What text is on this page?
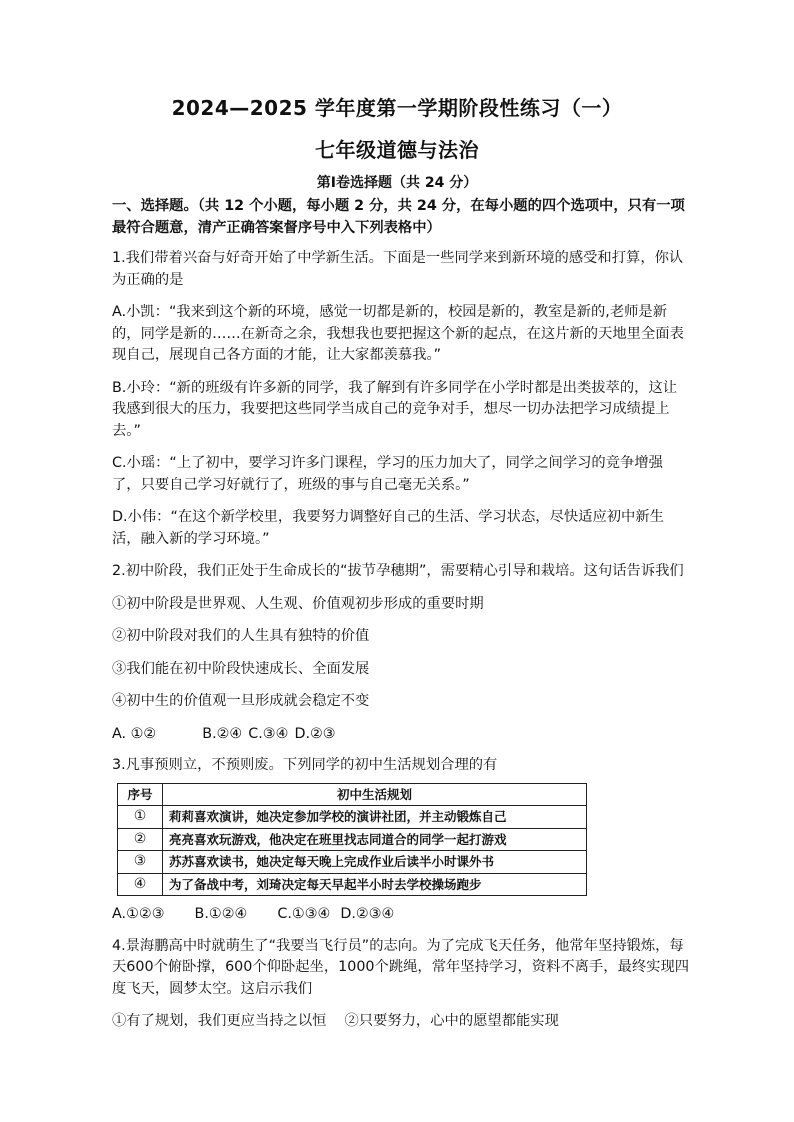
2024—2025 学年度第一学期阶段性练习（一）
七年级道德与法治
第Ⅰ卷选择题（共 24 分）

一、选择题。（共 12 个小题，每小题 2 分，共 24 分，在每小题的四个选项中，只有一项最符合题意，清产正确答案督序号中入下列表格中）

1.我们带着兴奋与好奇开始了中学新生活。下面是一些同学来到新环境的感受和打算，你认为正确的是

A.小凯：“我来到这个新的环境，感觉一切都是新的，校园是新的，教室是新的,老师是新的，同学是新的……在新奇之余，我想我也要把握这个新的起点，在这片新的天地里全面表现自己，展现自己各方面的才能，让大家都羡慕我。”

B.小玲：“新的班级有许多新的同学，我了解到有许多同学在小学时都是出类拔萃的，这让我感到很大的压力，我要把这些同学当成自己的竞争对手，想尽一切办法把学习成绩提上去。”

C.小瑶：“上了初中，要学习许多门课程，学习的压力加大了，同学之间学习的竞争增强了，只要自己学习好就行了，班级的事与自己毫无关系。”

D.小伟：“在这个新学校里，我要努力调整好自己的生活、学习状态，尽快适应初中新生活，融入新的学习环境。”

2.初中阶段，我们正处于生命成长的“拔节孕穗期”，需要精心引导和栽培。这句话告诉我们

①初中阶段是世界观、人生观、价值观初步形成的重要时期

②初中阶段对我们的人生具有独特的价值

③我们能在初中阶段快速成长、全面发展

④初中生的价值观一旦形成就会稳定不变

A. ①②	B.②④ C.③④ D.②③

3.凡事预则立，不预则废。下列同学的初中生活规划合理的有

序号	初中生活规划
①	莉莉喜欢演讲，她决定参加学校的演讲社团，并主动锻炼自己
②	亮亮喜欢玩游戏，他决定在班里找志同道合的同学一起打游戏
③	苏苏喜欢读书，她决定每天晚上完成作业后读半小时课外书
④	为了备战中考，刘琦决定每天早起半小时去学校操场跑步

A.①②③ B.①②④ C.①③④ D.②③④

4.景海鹏高中时就萌生了“我要当飞行员”的志向。为了完成飞天任务，他常年坚持锻炼，每天600个俯卧撑，600个仰卧起坐，1000个跳绳，常年坚持学习，资料不离手，最终实现四度飞天，圆梦太空。这启示我们

①有了规划，我们更应当持之以恒 ②只要努力，心中的愿望都能实现
